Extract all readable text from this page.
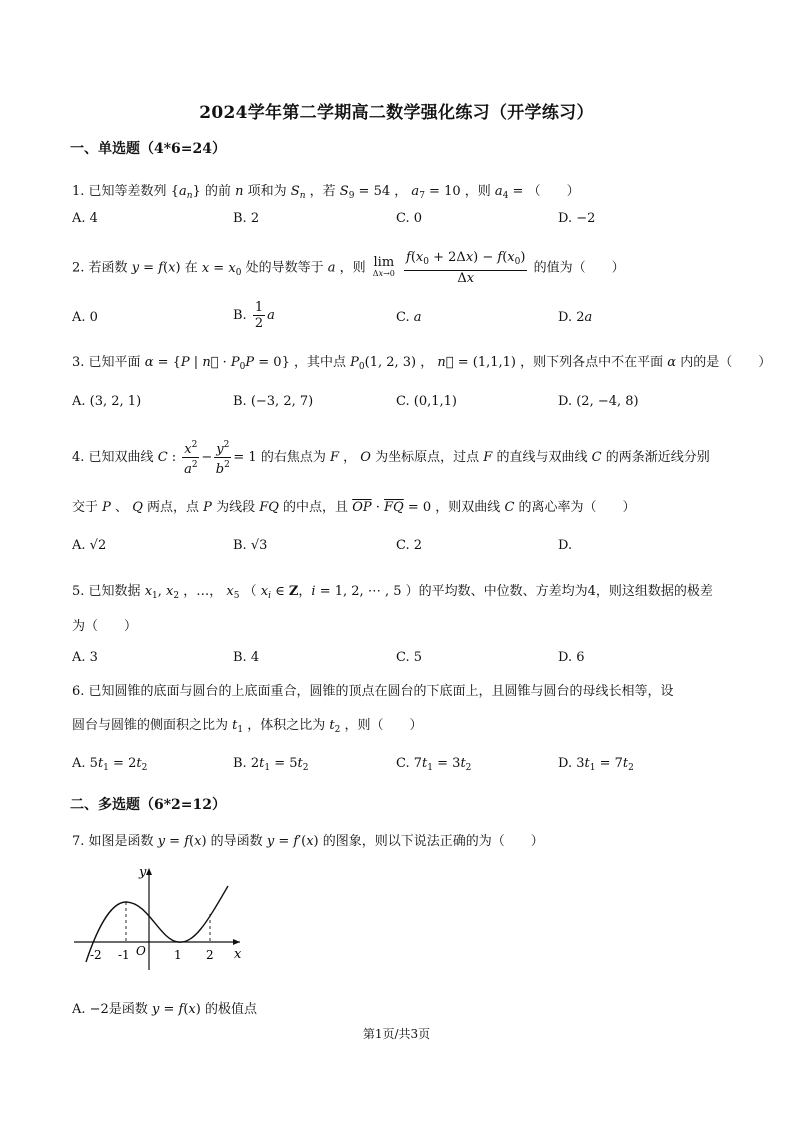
2024学年第二学期高二数学强化练习（开学练习）
一、单选题（4*6=24）
1. 已知等差数列 $\{a_n\}$ 的前 n 项和为 $S_n$ ，若 $S_9 = 54$ ， $a_7 = 10$ ，则 $a_4$ = （　　）
A. 4	B. 2	C. 0	D. −2
2. 若函数 y = f(x) 在 $x = x_0$ 处的导数等于 a ，则 lim
Δx→0
$\frac{f(x_0 + 2\Delta x) - f(x_0)}{\Delta x}$ 的值为（　　）
A. 0	B. $\frac{1}{2}$ a	C. a	D. 2a
3. 已知平面 α = {P | n⃗ · $P_0P = 0$} ，其中点 $P_0(1$, 2, 3) ， n⃗ = (1,1,1) ，则下列各点中不在平面 α 内的是（　　）
A. (3, 2, 1)	B. (−3, 2, 7)	C. (0,1,1)	D. (2, −4, 8)
4. 已知双曲线 C : $\frac{x^2}{a^2} - \frac{y^2}{b^2} = 1$ 的右焦点为 F ， O 为坐标原点，过点 F 的直线与双曲线 C 的两条渐近线分别
交于 P 、 Q 两点，点 P 为线段 FQ 的中点，且 $\overline{OP} \cdot \overline{FQ} = 0$ ，则双曲线 C 的离心率为（　　）
A. √2	B. √3	C. 2	D.
5. 已知数据 $x_1$, $x_2$ ，…， $x_5$ （ $x_i$ ∈ Z，i = 1, 2, ⋯ , 5 ）的平均数、中位数、方差均为4，则这组数据的极差
为（　　）
A. 3	B. 4	C. 5	D. 6
6. 已知圆锥的底面与圆台的上底面重合，圆锥的顶点在圆台的下底面上，且圆锥与圆台的母线长相等，设
圆台与圆锥的侧面积之比为 $t_1$ ，体积之比为 $t_2$ ，则（　　）
A. $5t_1 = 2t_2$	B. $2t_1 = 5t_2$	C. $7t_1 = 3t_2$	D. $3t_1 = 7t_2$
二、多选题（6*2=12）
7. 如图是函数 y = f(x) 的导函数 y = f′(x) 的图象，则以下说法正确的为（　　）
y
x
O
-2 -1	1 2
A. −2是函数 y = f(x) 的极值点
第1页/共3页
